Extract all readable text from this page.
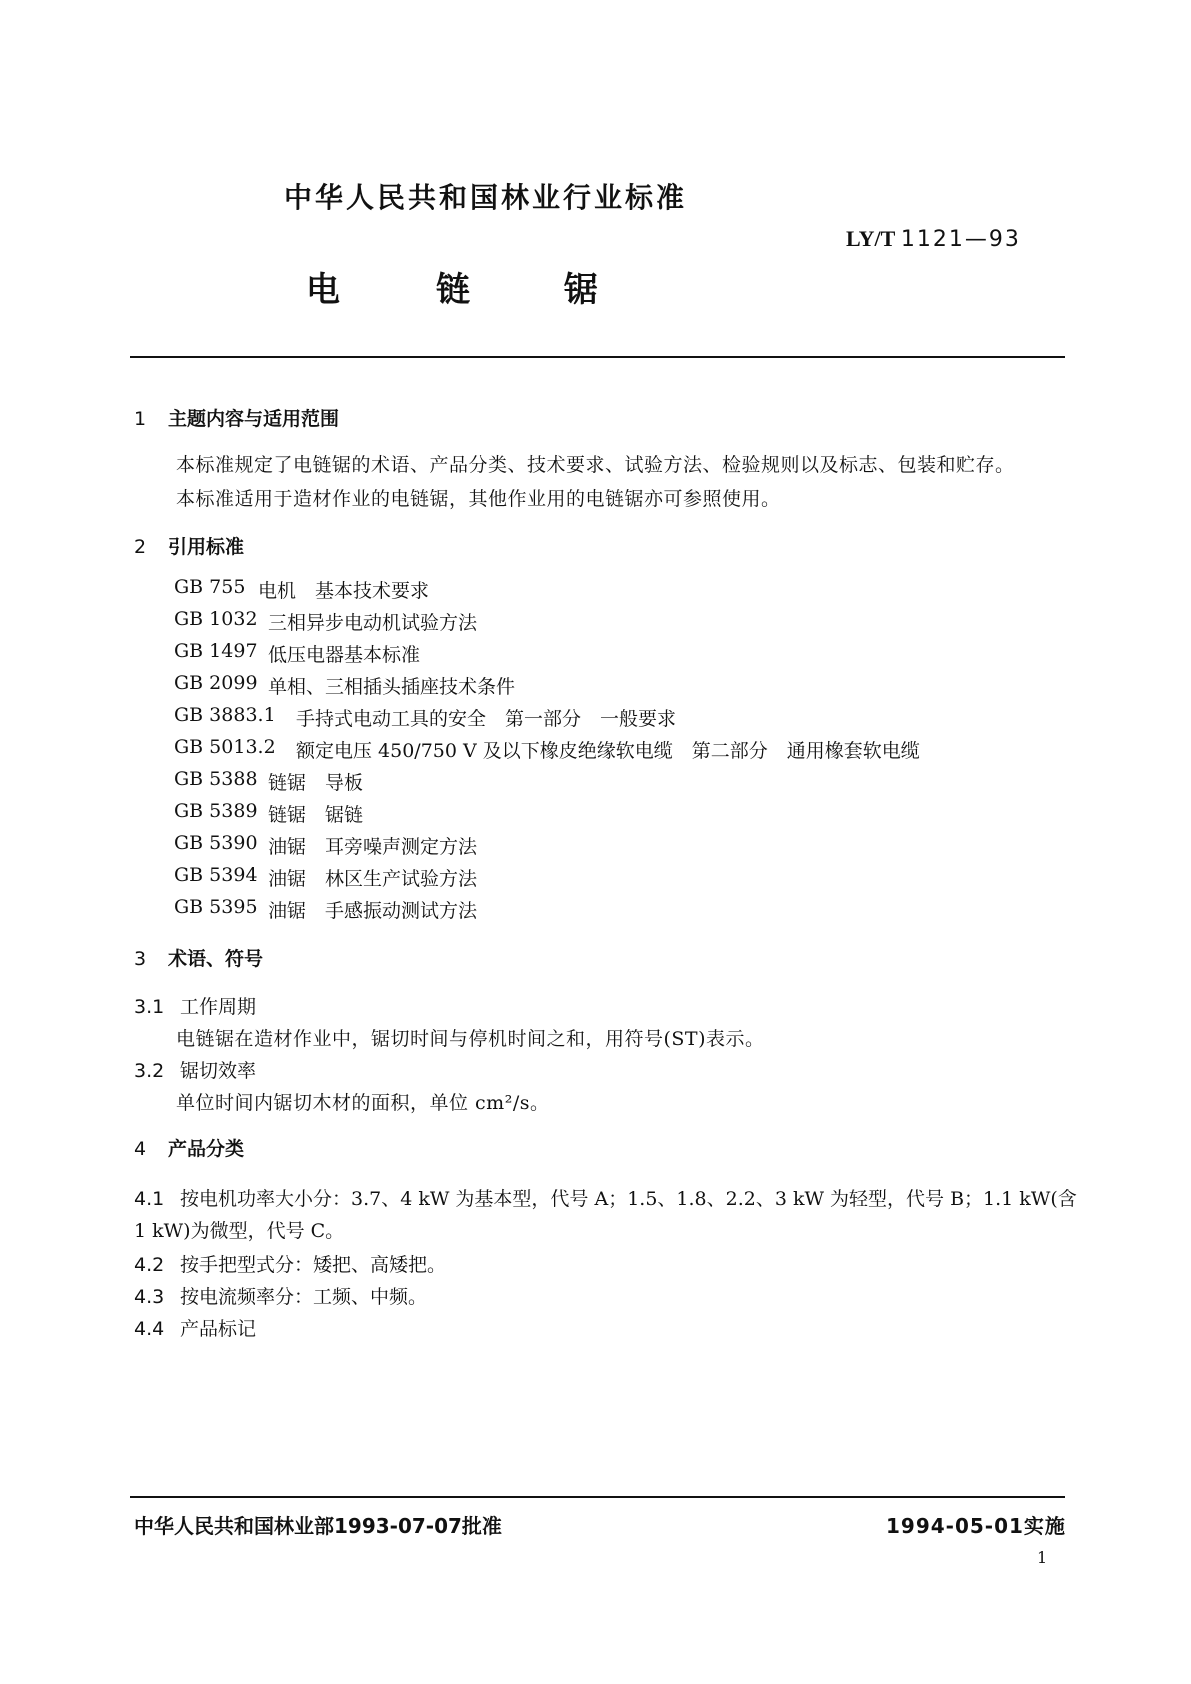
中华人民共和国林业行业标准
LY/T 1121—93
电	链	锯
1 主题内容与适用范围
本标准规定了电链锯的术语、产品分类、技术要求、试验方法、检验规则以及标志、包装和贮存。
本标准适用于造材作业的电链锯，其他作业用的电链锯亦可参照使用。
2 引用标准
GB 755 电机　基本技术要求
GB 1032 三相异步电动机试验方法
GB 1497 低压电器基本标准
GB 2099 单相、三相插头插座技术条件
GB 3883.1 手持式电动工具的安全　第一部分　一般要求
GB 5013.2 额定电压 450/750 V 及以下橡皮绝缘软电缆　第二部分　通用橡套软电缆
GB 5388 链锯　导板
GB 5389 链锯　锯链
GB 5390 油锯　耳旁噪声测定方法
GB 5394 油锯　林区生产试验方法
GB 5395 油锯　手感振动测试方法
3 术语、符号
3.1 工作周期
电链锯在造材作业中，锯切时间与停机时间之和，用符号(ST)表示。
3.2 锯切效率
单位时间内锯切木材的面积，单位 cm²/s。
4 产品分类
4.1 按电机功率大小分：3.7、4 kW 为基本型，代号 A；1.5、1.8、2.2、3 kW 为轻型，代号 B；1.1 kW(含
1 kW)为微型，代号 C。
4.2 按手把型式分：矮把、高矮把。
4.3 按电流频率分：工频、中频。
4.4 产品标记
中华人民共和国林业部1993-07-07批准	1994-05-01实施
1
